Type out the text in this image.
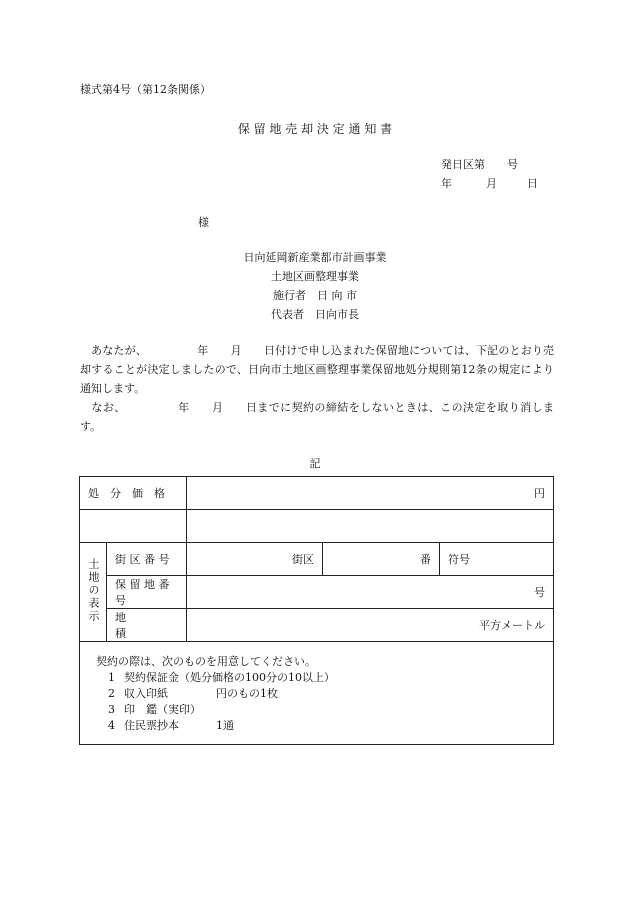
様式第4号（第12条関係）
保 留 地 売 却 決 定 通 知 書
発日区第 号
年	月	日
様
日向延岡新産業都市計画事業
土地区画整理事業
施行者　日 向 市
代表者　日向市長
　あなたが、	年 月 日付けで申し込まれた保留地については、下記のとおり売却することが決定しましたので、日向市土地区画整理事業保留地処分規則第12条の規定により通知します。
　なお、	年 月 日までに契約の締結をしないときは、この決定を取り消します。
記
処　分　価　格		円		

土地の表示	街 区 番 号	街区	番	符号
	保 留 地 番 号	号		
	地　　　　積	平方メートル		

契約の際は、次のものを用意してください。
1 契約保証金（処分価格の100分の10以上）
2 収入印紙 円のもの1枚
3 印　鑑（実印）
4 住民票抄本 1通				
